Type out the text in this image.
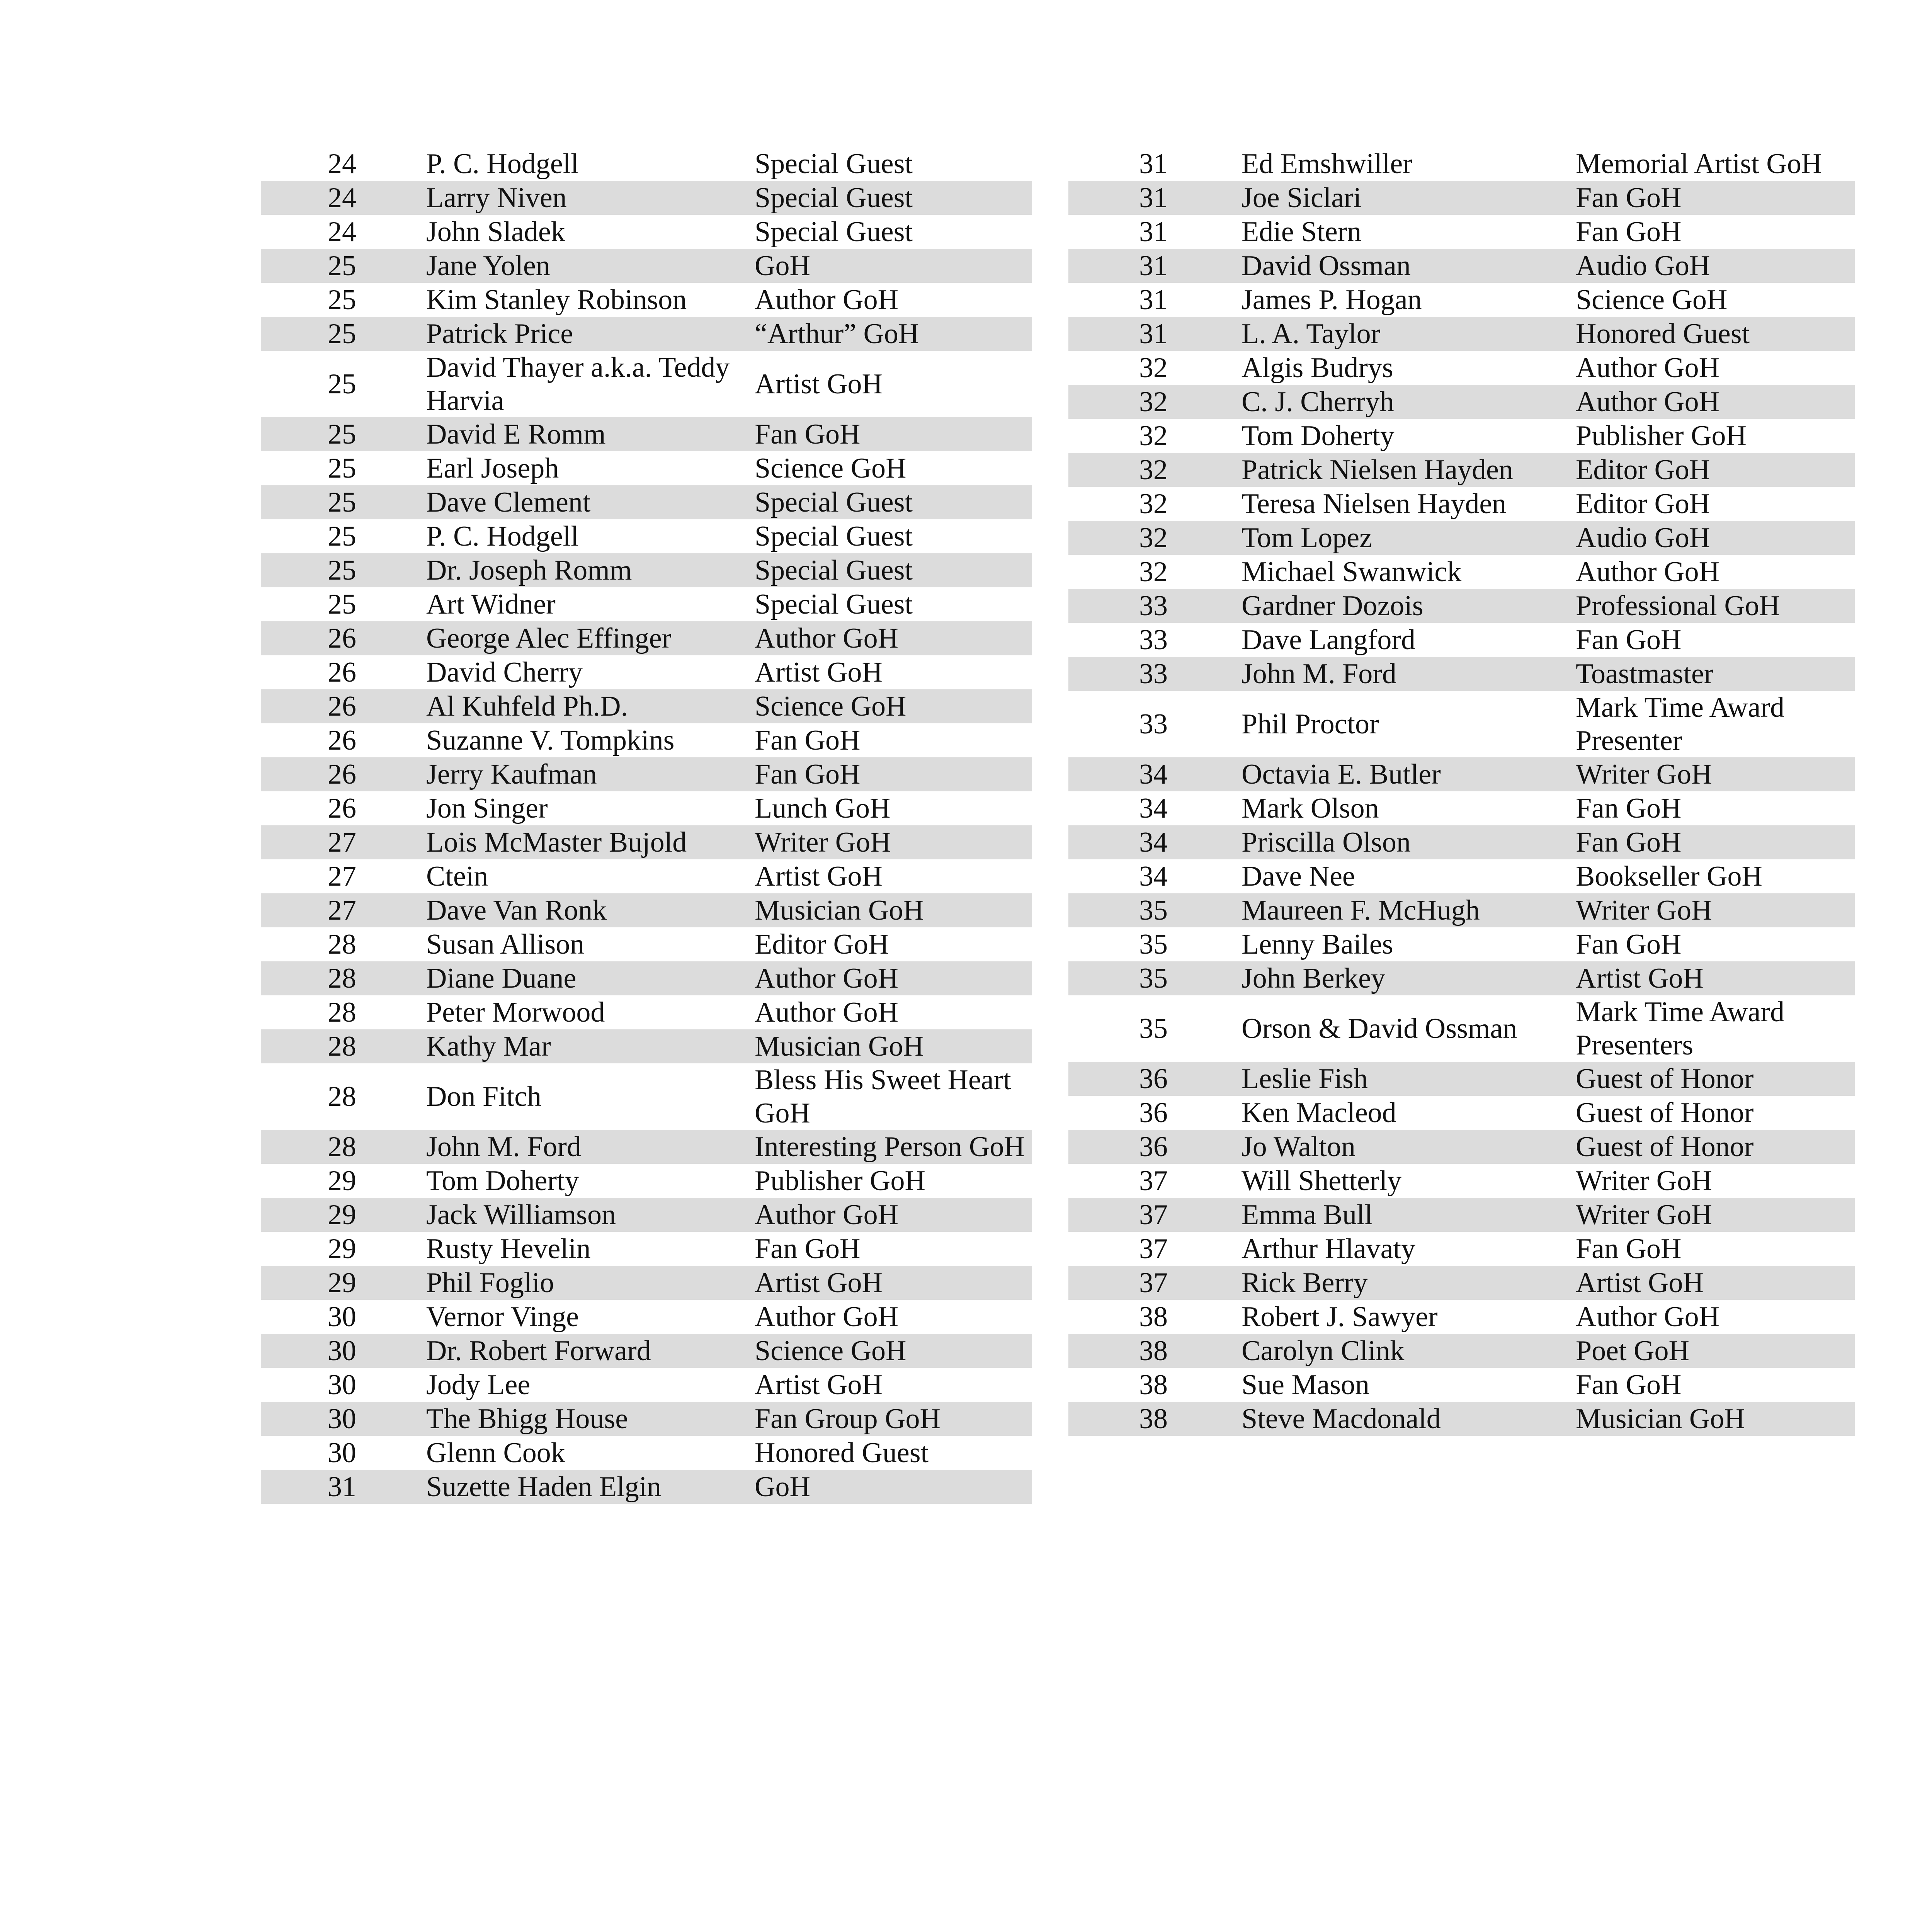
24	P. C. Hodgell	Special Guest
24	Larry Niven	Special Guest
24	John Sladek	Special Guest
25	Jane Yolen	GoH
25	Kim Stanley Robinson	Author GoH
25	Patrick Price	“Arthur” GoH
25	David Thayer a.k.a. Teddy Harvia	Artist GoH
25	David E Romm	Fan GoH
25	Earl Joseph	Science GoH
25	Dave Clement	Special Guest
25	P. C. Hodgell	Special Guest
25	Dr. Joseph Romm	Special Guest
25	Art Widner	Special Guest
26	George Alec Effinger	Author GoH
26	David Cherry	Artist GoH
26	Al Kuhfeld Ph.D.	Science GoH
26	Suzanne V. Tompkins	Fan GoH
26	Jerry Kaufman	Fan GoH
26	Jon Singer	Lunch GoH
27	Lois McMaster Bujold	Writer GoH
27	Ctein	Artist GoH
27	Dave Van Ronk	Musician GoH
28	Susan Allison	Editor GoH
28	Diane Duane	Author GoH
28	Peter Morwood	Author GoH
28	Kathy Mar	Musician GoH
28	Don Fitch	Bless His Sweet Heart GoH
28	John M. Ford	Interesting Person GoH
29	Tom Doherty	Publisher GoH
29	Jack Williamson	Author GoH
29	Rusty Hevelin	Fan GoH
29	Phil Foglio	Artist GoH
30	Vernor Vinge	Author GoH
30	Dr. Robert Forward	Science GoH
30	Jody Lee	Artist GoH
30	The Bhigg House	Fan Group GoH
30	Glenn Cook	Honored Guest
31	Suzette Haden Elgin	GoH
31	Ed Emshwiller	Memorial Artist GoH
31	Joe Siclari	Fan GoH
31	Edie Stern	Fan GoH
31	David Ossman	Audio GoH
31	James P. Hogan	Science GoH
31	L. A. Taylor	Honored Guest
32	Algis Budrys	Author GoH
32	C. J. Cherryh	Author GoH
32	Tom Doherty	Publisher GoH
32	Patrick Nielsen Hayden	Editor GoH
32	Teresa Nielsen Hayden	Editor GoH
32	Tom Lopez	Audio GoH
32	Michael Swanwick	Author GoH
33	Gardner Dozois	Professional GoH
33	Dave Langford	Fan GoH
33	John M. Ford	Toastmaster
33	Phil Proctor	Mark Time Award Presenter
34	Octavia E. Butler	Writer GoH
34	Mark Olson	Fan GoH
34	Priscilla Olson	Fan GoH
34	Dave Nee	Bookseller GoH
35	Maureen F. McHugh	Writer GoH
35	Lenny Bailes	Fan GoH
35	John Berkey	Artist GoH
35	Orson & David Ossman	Mark Time Award Presenters
36	Leslie Fish	Guest of Honor
36	Ken Macleod	Guest of Honor
36	Jo Walton	Guest of Honor
37	Will Shetterly	Writer GoH
37	Emma Bull	Writer GoH
37	Arthur Hlavaty	Fan GoH
37	Rick Berry	Artist GoH
38	Robert J. Sawyer	Author GoH
38	Carolyn Clink	Poet GoH
38	Sue Mason	Fan GoH
38	Steve Macdonald	Musician GoH
